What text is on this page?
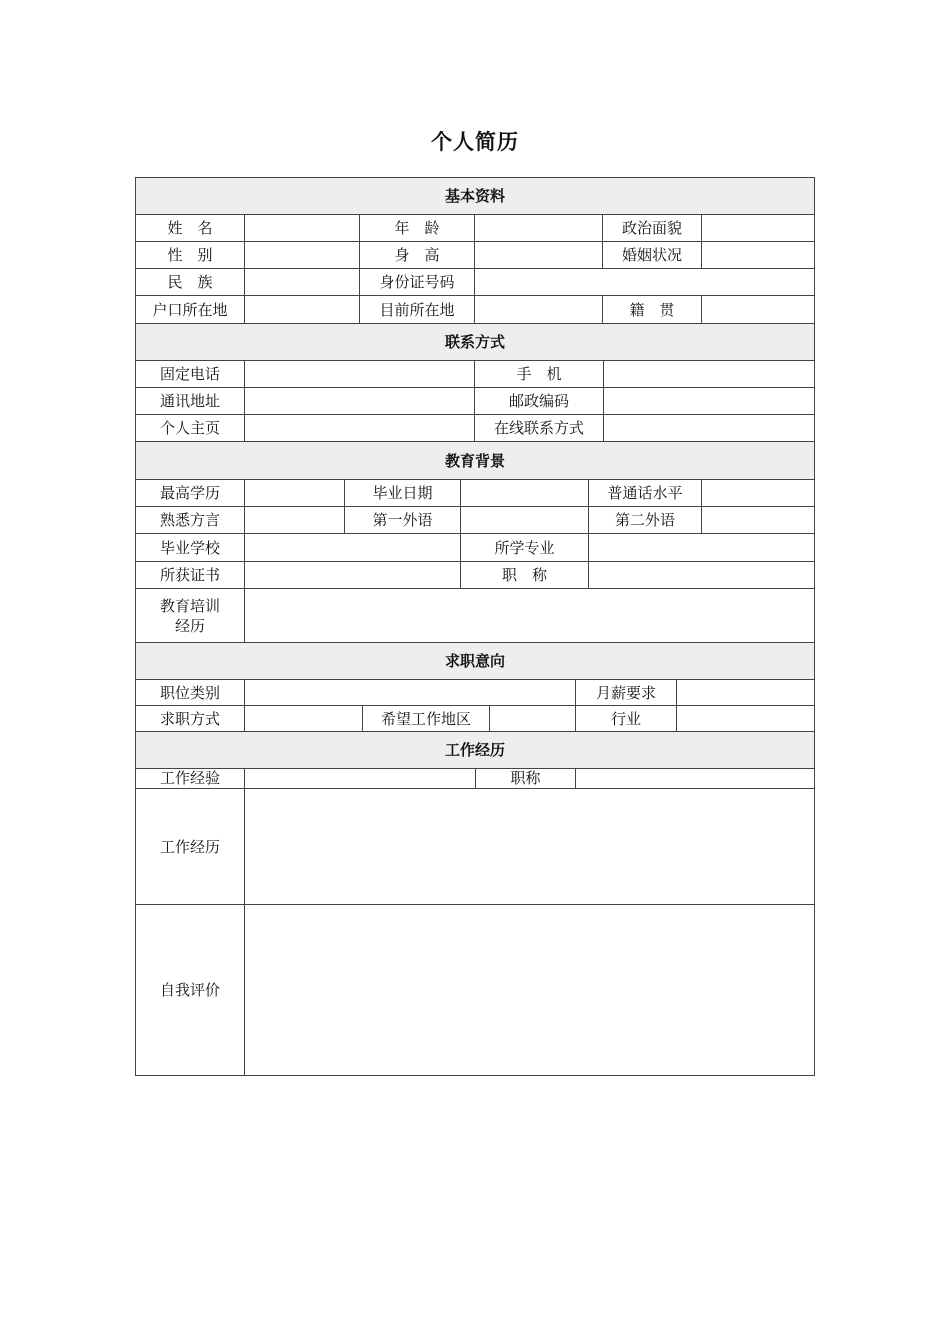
个人简历
基本资料
姓　名	年　龄	政治面貌
性　别	身　高	婚姻状况
民　族	身份证号码
户口所在地	目前所在地	籍　贯
联系方式
固定电话	手　机
通讯地址	邮政编码
个人主页	在线联系方式
教育背景
最高学历	毕业日期	普通话水平
熟悉方言	第一外语	第二外语
毕业学校	所学专业
所获证书	职　称
教育培训经历
求职意向
职位类别	月薪要求
求职方式	希望工作地区	行业
工作经历
工作经验	职称
工作经历
自我评价
